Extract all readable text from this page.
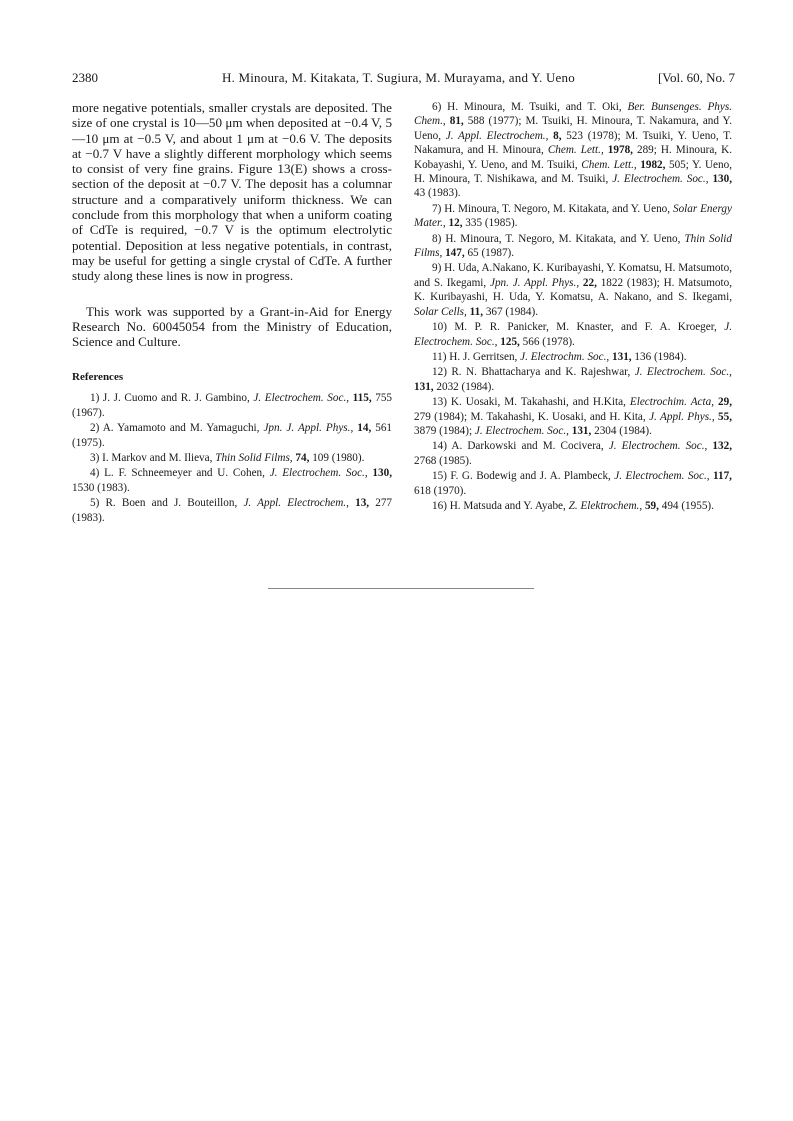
2380	H. Minoura, M. Kitakata, T. Sugiura, M. Murayama, and Y. Ueno	[Vol. 60, No. 7

more negative potentials, smaller crystals are deposited. The size of one crystal is 10—50 μm when deposited at −0.4 V, 5—10 μm at −0.5 V, and about 1 μm at −0.6 V. The deposits at −0.7 V have a slightly different morphology which seems to consist of very fine grains. Figure 13(E) shows a cross-section of the deposit at −0.7 V. The deposit has a columnar structure and a comparatively uniform thickness. We can conclude from this morphology that when a uniform coating of CdTe is required, −0.7 V is the optimum electrolytic potential. Deposition at less negative potentials, in contrast, may be useful for getting a single crystal of CdTe. A further study along these lines is now in progress.

This work was supported by a Grant-in-Aid for Energy Research No. 60045054 from the Ministry of Education, Science and Culture.

References

1) J. J. Cuomo and R. J. Gambino, J. Electrochem. Soc., 115, 755 (1967).

2) A. Yamamoto and M. Yamaguchi, Jpn. J. Appl. Phys., 14, 561 (1975).

3) I. Markov and M. Ilieva, Thin Solid Films, 74, 109 (1980).

4) L. F. Schneemeyer and U. Cohen, J. Electrochem. Soc., 130, 1530 (1983).

5) R. Boen and J. Bouteillon, J. Appl. Electrochem., 13, 277 (1983).

6) H. Minoura, M. Tsuiki, and T. Oki, Ber. Bunsenges. Phys. Chem., 81, 588 (1977); M. Tsuiki, H. Minoura, T. Nakamura, and Y. Ueno, J. Appl. Electrochem., 8, 523 (1978); M. Tsuiki, Y. Ueno, T. Nakamura, and H. Minoura, Chem. Lett., 1978, 289; H. Minoura, K. Kobayashi, Y. Ueno, and M. Tsuiki, Chem. Lett., 1982, 505; Y. Ueno, H. Minoura, T. Nishikawa, and M. Tsuiki, J. Electrochem. Soc., 130, 43 (1983).

7) H. Minoura, T. Negoro, M. Kitakata, and Y. Ueno, Solar Energy Mater., 12, 335 (1985).

8) H. Minoura, T. Negoro, M. Kitakata, and Y. Ueno, Thin Solid Films, 147, 65 (1987).

9) H. Uda, A.Nakano, K. Kuribayashi, Y. Komatsu, H. Matsumoto, and S. Ikegami, Jpn. J. Appl. Phys., 22, 1822 (1983); H. Matsumoto, K. Kuribayashi, H. Uda, Y. Komatsu, A. Nakano, and S. Ikegami, Solar Cells, 11, 367 (1984).

10) M. P. R. Panicker, M. Knaster, and F. A. Kroeger, J. Electrochem. Soc., 125, 566 (1978).

11) H. J. Gerritsen, J. Electrochm. Soc., 131, 136 (1984).

12) R. N. Bhattacharya and K. Rajeshwar, J. Electrochem. Soc., 131, 2032 (1984).

13) K. Uosaki, M. Takahashi, and H.Kita, Electrochim. Acta, 29, 279 (1984); M. Takahashi, K. Uosaki, and H. Kita, J. Appl. Phys., 55, 3879 (1984); J. Electrochem. Soc., 131, 2304 (1984).

14) A. Darkowski and M. Cocivera, J. Electrochem. Soc., 132, 2768 (1985).

15) F. G. Bodewig and J. A. Plambeck, J. Electrochem. Soc., 117, 618 (1970).

16) H. Matsuda and Y. Ayabe, Z. Elektrochem., 59, 494 (1955).
